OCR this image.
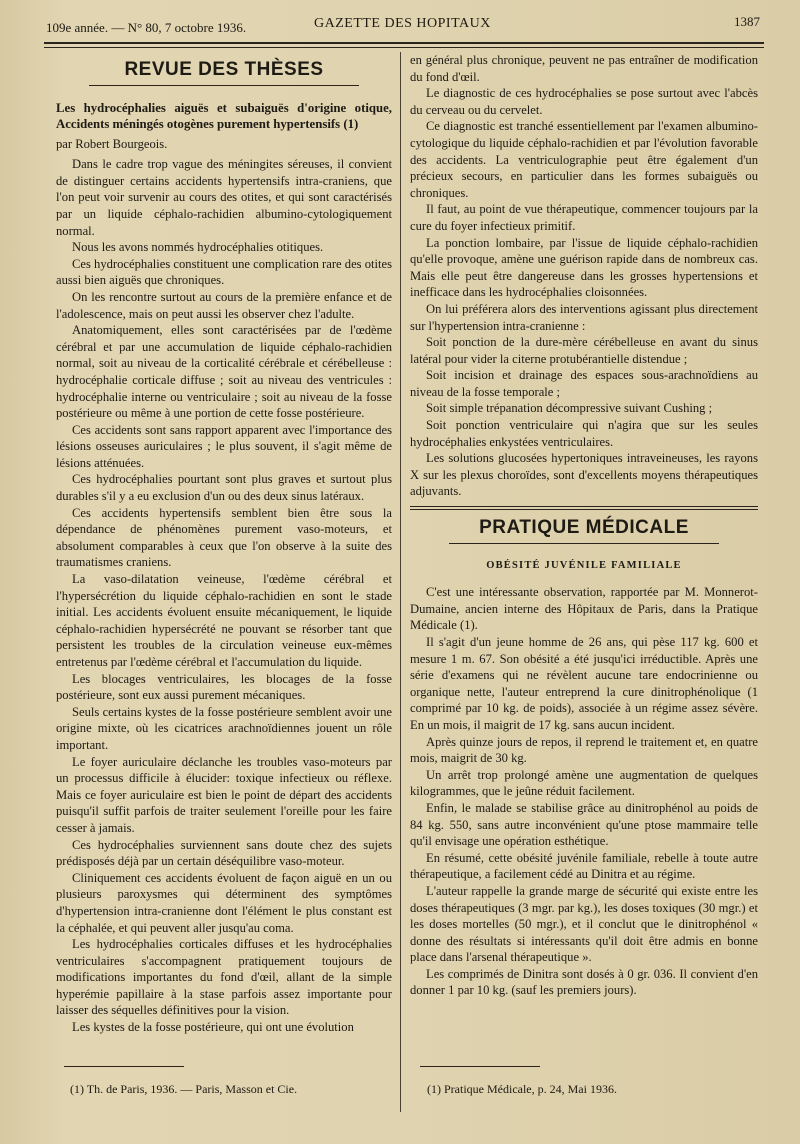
109e année. — N° 80, 7 octobre 1936.	GAZETTE DES HOPITAUX	1387
REVUE DES THÈSES

Les hydrocéphalies aiguës et subaiguës d'origine otique, Accidents méningés otogènes purement hypertensifs (1)

par Robert Bourgeois.

Dans le cadre trop vague des méningites séreuses, il convient de distinguer certains accidents hypertensifs intra-craniens, que l'on peut voir survenir au cours des otites, et qui sont caractérisés par un liquide céphalo-rachidien albumino-cytologiquement normal.

Nous les avons nommés hydrocéphalies otitiques.

Ces hydrocéphalies constituent une complication rare des otites aussi bien aiguës que chroniques.

On les rencontre surtout au cours de la première enfance et de l'adolescence, mais on peut aussi les observer chez l'adulte.

Anatomiquement, elles sont caractérisées par de l'œdème cérébral et par une accumulation de liquide céphalo-rachidien normal, soit au niveau de la corticalité cérébrale et cérébelleuse : hydrocéphalie corticale diffuse ; soit au niveau des ventricules : hydrocéphalie interne ou ventriculaire ; soit au niveau de la fosse postérieure ou même à une portion de cette fosse postérieure.

Ces accidents sont sans rapport apparent avec l'importance des lésions osseuses auriculaires ; le plus souvent, il s'agit même de lésions atténuées.

Ces hydrocéphalies pourtant sont plus graves et surtout plus durables s'il y a eu exclusion d'un ou des deux sinus latéraux.

Ces accidents hypertensifs semblent bien être sous la dépendance de phénomènes purement vaso-moteurs, et absolument comparables à ceux que l'on observe à la suite des traumatismes craniens.

La vaso-dilatation veineuse, l'œdème cérébral et l'hypersécrétion du liquide céphalo-rachidien en sont le stade initial. Les accidents évoluent ensuite mécaniquement, le liquide céphalo-rachidien hypersécrété ne pouvant se résorber tant que persistent les troubles de la circulation veineuse eux-mêmes entretenus par l'œdème cérébral et l'accumulation du liquide.

Les blocages ventriculaires, les blocages de la fosse postérieure, sont eux aussi purement mécaniques.

Seuls certains kystes de la fosse postérieure semblent avoir une origine mixte, où les cicatrices arachnoïdiennes jouent un rôle important.

Le foyer auriculaire déclanche les troubles vaso-moteurs par un processus difficile à élucider: toxique infectieux ou réflexe. Mais ce foyer auriculaire est bien le point de départ des accidents puisqu'il suffit parfois de traiter seulement l'oreille pour les faire cesser à jamais.

Ces hydrocéphalies surviennent sans doute chez des sujets prédisposés déjà par un certain déséquilibre vaso-moteur.

Cliniquement ces accidents évoluent de façon aiguë en un ou plusieurs paroxysmes qui déterminent des symptômes d'hypertension intra-cranienne dont l'élément le plus constant est la céphalée, et qui peuvent aller jusqu'au coma.

Les hydrocéphalies corticales diffuses et les hydrocéphalies ventriculaires s'accompagnent pratiquement toujours de modifications importantes du fond d'œil, allant de la simple hyperémie papillaire à la stase parfois assez importante pour laisser des séquelles définitives pour la vision.

Les kystes de la fosse postérieure, qui ont une évolution

en général plus chronique, peuvent ne pas entraîner de modification du fond d'œil.

Le diagnostic de ces hydrocéphalies se pose surtout avec l'abcès du cerveau ou du cervelet.

Ce diagnostic est tranché essentiellement par l'examen albumino-cytologique du liquide céphalo-rachidien et par l'évolution favorable des accidents. La ventriculographie peut être également d'un précieux secours, en particulier dans les formes subaiguës ou chroniques.

Il faut, au point de vue thérapeutique, commencer toujours par la cure du foyer infectieux primitif.

La ponction lombaire, par l'issue de liquide céphalo-rachidien qu'elle provoque, amène une guérison rapide dans de nombreux cas. Mais elle peut être dangereuse dans les grosses hypertensions et inefficace dans les hydrocéphalies cloisonnées.

On lui préférera alors des interventions agissant plus directement sur l'hypertension intra-cranienne :

Soit ponction de la dure-mère cérébelleuse en avant du sinus latéral pour vider la citerne protubérantielle distendue ;

Soit incision et drainage des espaces sous-arachnoïdiens au niveau de la fosse temporale ;

Soit simple trépanation décompressive suivant Cushing ;

Soit ponction ventriculaire qui n'agira que sur les seules hydrocéphalies enkystées ventriculaires.

Les solutions glucosées hypertoniques intraveineuses, les rayons X sur les plexus choroïdes, sont d'excellents moyens thérapeutiques adjuvants.

PRATIQUE MÉDICALE
OBÉSITÉ JUVÉNILE FAMILIALE

C'est une intéressante observation, rapportée par M. Monnerot-Dumaine, ancien interne des Hôpitaux de Paris, dans la Pratique Médicale (1).

Il s'agit d'un jeune homme de 26 ans, qui pèse 117 kg. 600 et mesure 1 m. 67. Son obésité a été jusqu'ici irréductible. Après une série d'examens qui ne révèlent aucune tare endocrinienne ou organique nette, l'auteur entreprend la cure dinitrophénolique (1 comprimé par 10 kg. de poids), associée à un régime assez sévère. En un mois, il maigrit de 17 kg. sans aucun incident.

Après quinze jours de repos, il reprend le traitement et, en quatre mois, maigrit de 30 kg.

Un arrêt trop prolongé amène une augmentation de quelques kilogrammes, que le jeûne réduit facilement.

Enfin, le malade se stabilise grâce au dinitrophénol au poids de 84 kg. 550, sans autre inconvénient qu'une ptose mammaire telle qu'il envisage une opération esthétique.

En résumé, cette obésité juvénile familiale, rebelle à toute autre thérapeutique, a facilement cédé au Dinitra et au régime.

L'auteur rappelle la grande marge de sécurité qui existe entre les doses thérapeutiques (3 mgr. par kg.), les doses toxiques (30 mgr.) et les doses mortelles (50 mgr.), et il conclut que le dinitrophénol « donne des résultats si intéressants qu'il doit être admis en bonne place dans l'arsenal thérapeutique ».

Les comprimés de Dinitra sont dosés à 0 gr. 036. Il convient d'en donner 1 par 10 kg. (sauf les premiers jours).

(1) Th. de Paris, 1936. — Paris, Masson et Cie.	(1) Pratique Médicale, p. 24, Mai 1936.
